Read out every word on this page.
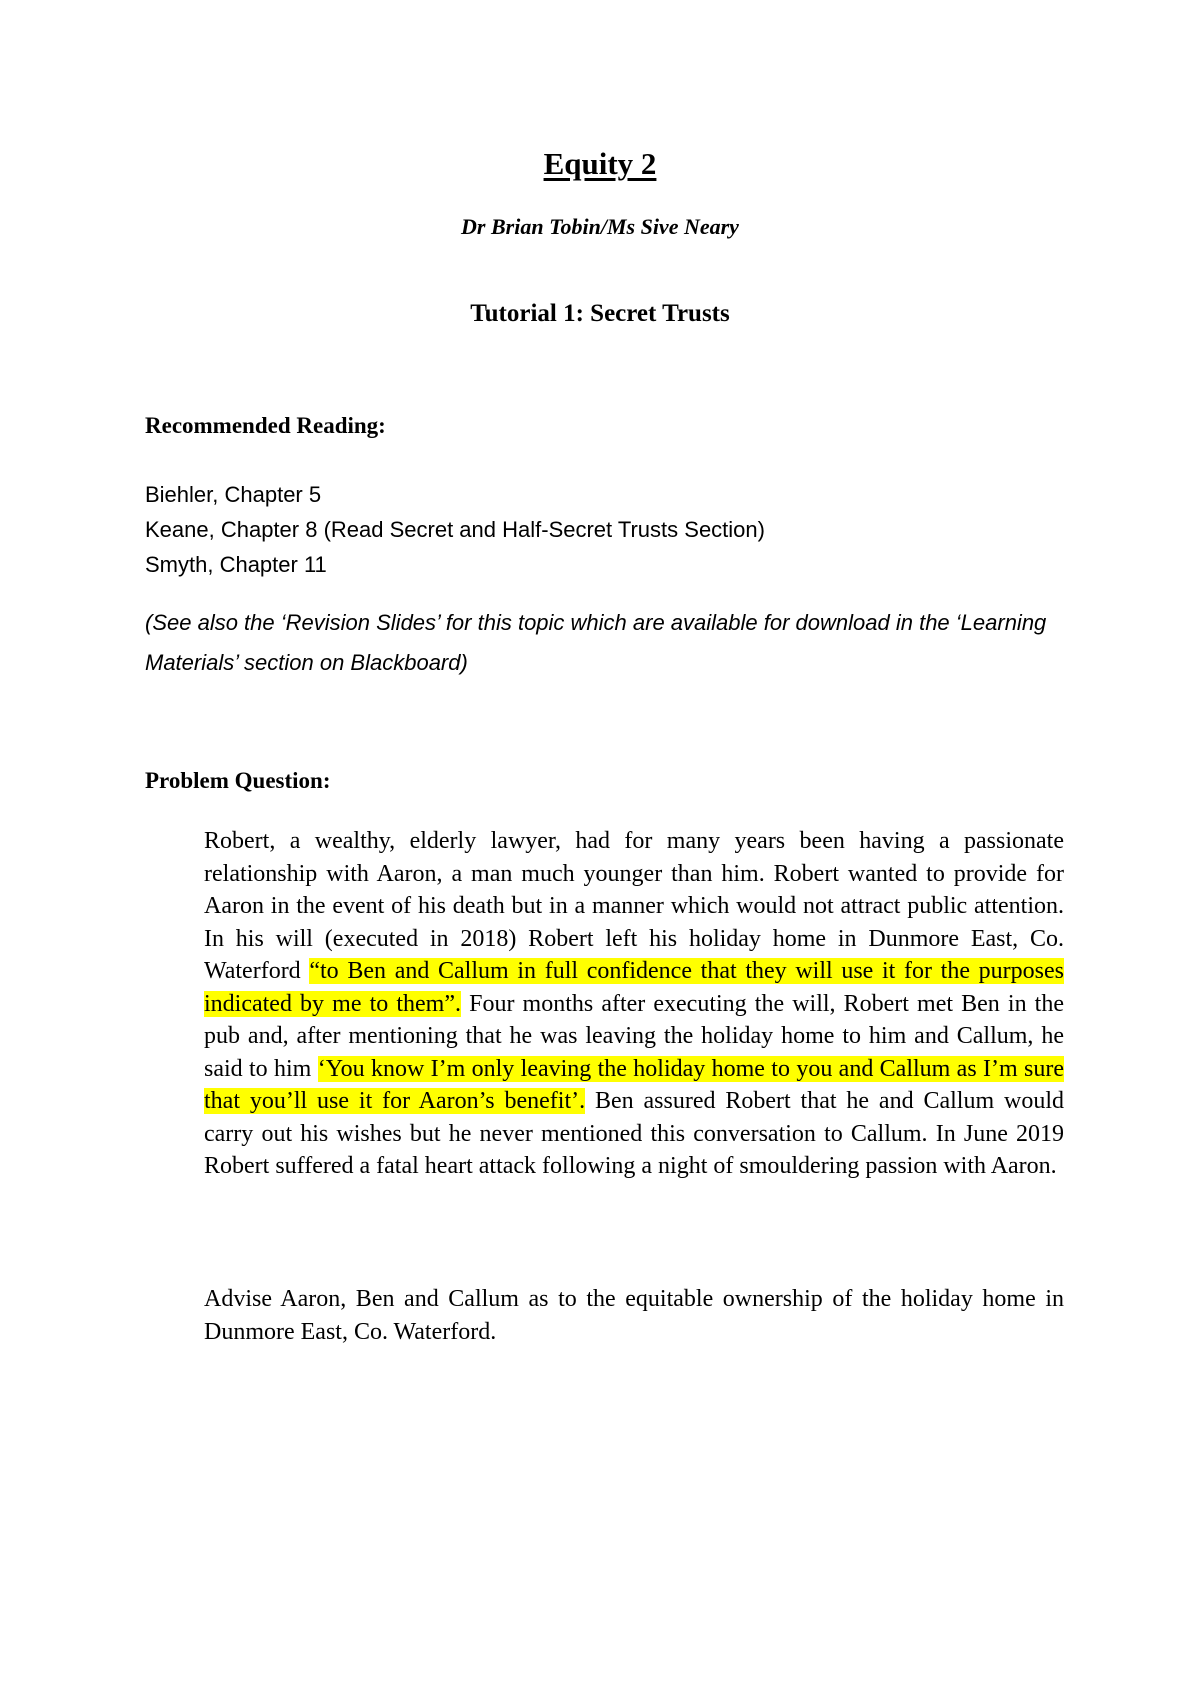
Equity 2

Dr Brian Tobin/Ms Sive Neary

Tutorial 1: Secret Trusts
Recommended Reading:
Biehler, Chapter 5
Keane, Chapter 8 (Read Secret and Half-Secret Trusts Section)
Smyth, Chapter 11

(See also the ‘Revision Slides’ for this topic which are available for download in the ‘Learning Materials’ section on Blackboard)

Problem Question:

Robert, a wealthy, elderly lawyer, had for many years been having a passionate relationship with Aaron, a man much younger than him. Robert wanted to provide for Aaron in the event of his death but in a manner which would not attract public attention. In his will (executed in 2018) Robert left his holiday home in Dunmore East, Co. Waterford “to Ben and Callum in full confidence that they will use it for the purposes indicated by me to them”. Four months after executing the will, Robert met Ben in the pub and, after mentioning that he was leaving the holiday home to him and Callum, he said to him ‘You know I’m only leaving the holiday home to you and Callum as I’m sure that you’ll use it for Aaron’s benefit’. Ben assured Robert that he and Callum would carry out his wishes but he never mentioned this conversation to Callum. In June 2019 Robert suffered a fatal heart attack following a night of smouldering passion with Aaron.

Advise Aaron, Ben and Callum as to the equitable ownership of the holiday home in Dunmore East, Co. Waterford.
